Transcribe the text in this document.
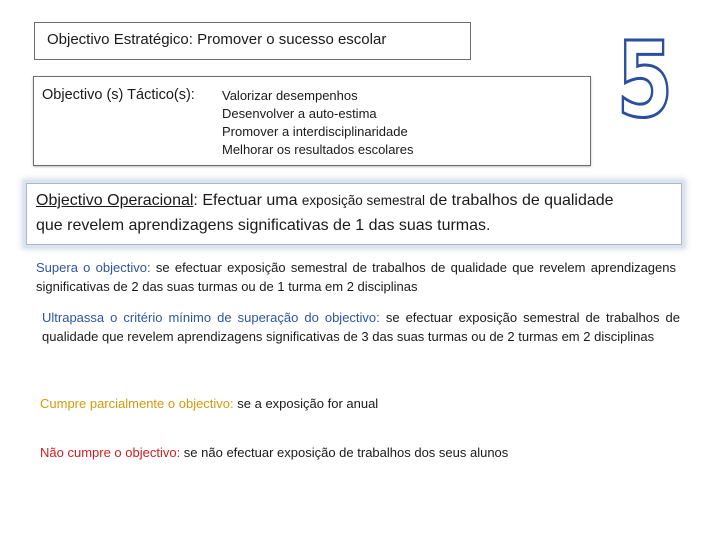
Objectivo Estratégico: Promover o sucesso escolar
Objectivo (s) Táctico(s): Valorizar desempenhos
Desenvolver a auto-estima
Promover a interdisciplinaridade
Melhorar os resultados escolares
5
Objectivo Operacional: Efectuar uma exposição semestral de trabalhos de qualidade
que revelem aprendizagens significativas de 1 das suas turmas.
Supera o objectivo: se efectuar exposição semestral de trabalhos de qualidade que revelem aprendizagens significativas de 2 das suas turmas ou de 1 turma em 2 disciplinas
Ultrapassa o critério mínimo de superação do objectivo: se efectuar exposição semestral de trabalhos de qualidade que revelem aprendizagens significativas de 3 das suas turmas ou de 2 turmas em 2 disciplinas
Cumpre parcialmente o objectivo: se a exposição for anual
Não cumpre o objectivo: se não efectuar exposição de trabalhos dos seus alunos
